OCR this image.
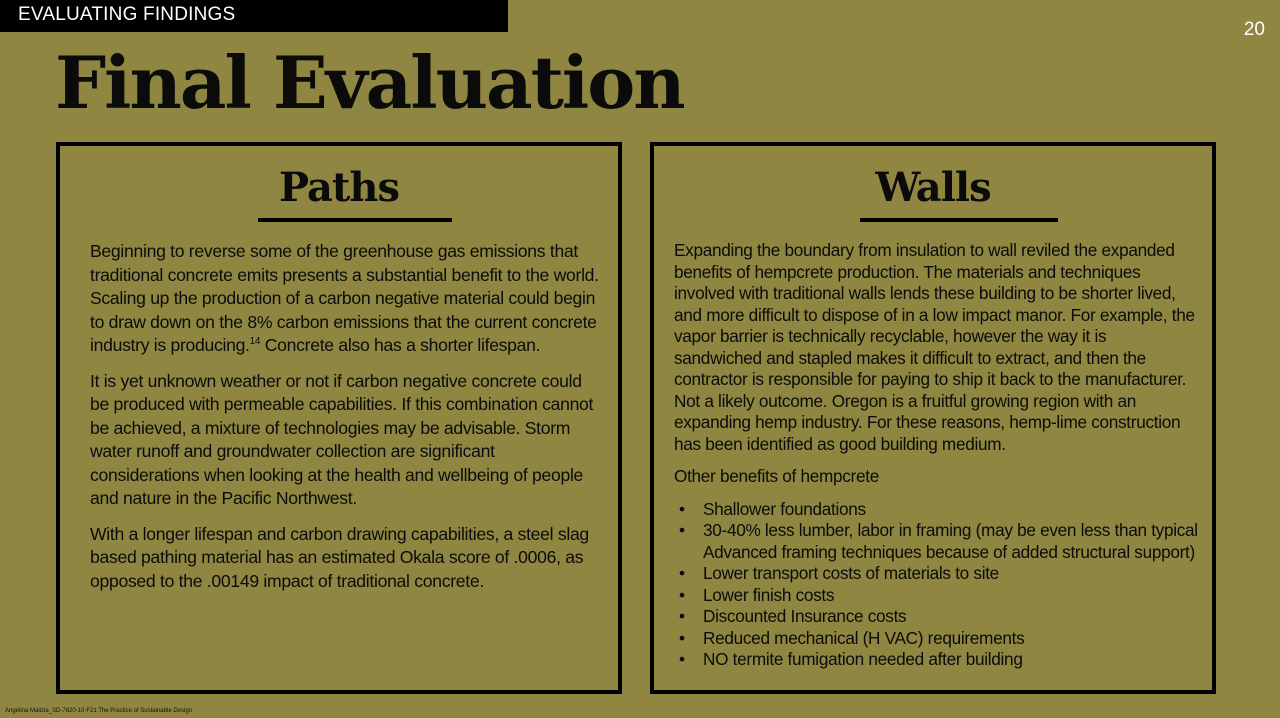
EVALUATING FINDINGS
20
Final Evaluation
Paths

Beginning to reverse some of the greenhouse gas emissions that traditional concrete emits presents a substantial benefit to the world. Scaling up the production of a carbon negative material could begin to draw down on the 8% carbon emissions that the current concrete industry is producing.$^{14}$ Concrete also has a shorter lifespan.

It is yet unknown weather or not if carbon negative concrete could be produced with permeable capabilities. If this combination cannot be achieved, a mixture of technologies may be advisable. Storm water runoff and groundwater collection are significant considerations when looking at the health and wellbeing of people and nature in the Pacific Northwest.

With a longer lifespan and carbon drawing capabilities, a steel slag based pathing material has an estimated Okala score of .0006, as opposed to the .00149 impact of traditional concrete.

Walls

Expanding the boundary from insulation to wall reviled the expanded benefits of hempcrete production. The materials and techniques involved with traditional walls lends these building to be shorter lived, and more difficult to dispose of in a low impact manor. For example, the vapor barrier is technically recyclable, however the way it is sandwiched and stapled makes it difficult to extract, and then the contractor is responsible for paying to ship it back to the manufacturer. Not a likely outcome. Oregon is a fruitful growing region with an expanding hemp industry. For these reasons, hemp-lime construction has been identified as good building medium.

Other benefits of hempcrete

• Shallower foundations
• 30-40% less lumber, labor in framing (may be even less than typical Advanced framing techniques because of added structural support)
• Lower transport costs of materials to site
• Lower finish costs
• Discounted Insurance costs
• Reduced mechanical (H VAC) requirements
• NO termite fumigation needed after building
Angelina Malizia_SD-7620-10-F21 The Practice of Sustainable Design
